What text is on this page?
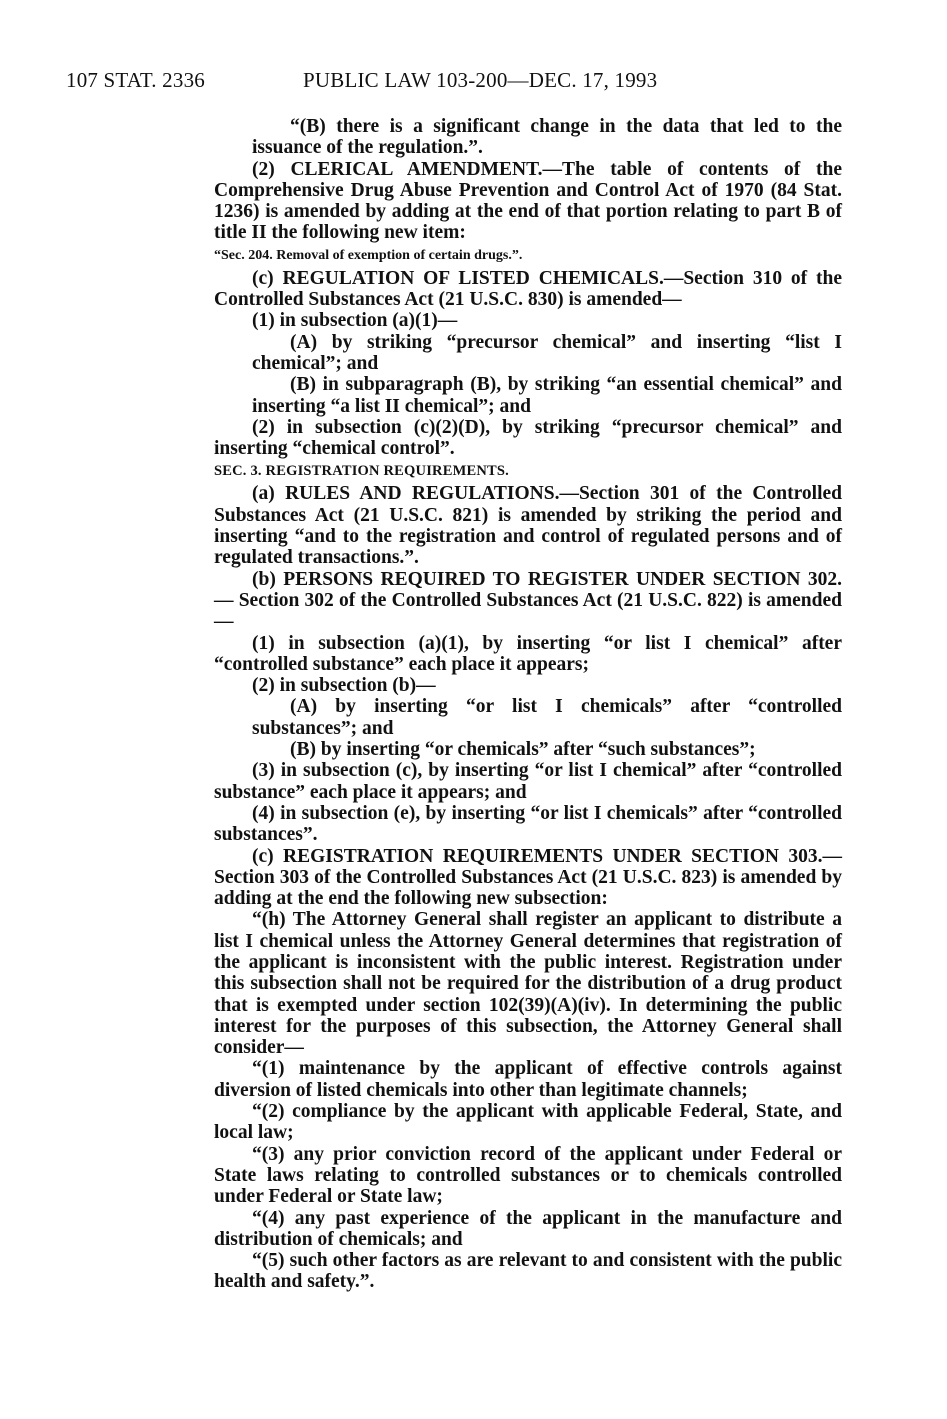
107 STAT. 2336	PUBLIC LAW 103-200—DEC. 17, 1993

“(B) there is a significant change in the data that led to the issuance of the regulation.”.

(2) CLERICAL AMENDMENT.—The table of contents of the Comprehensive Drug Abuse Prevention and Control Act of 1970 (84 Stat. 1236) is amended by adding at the end of that portion relating to part B of title II the following new item:

“Sec. 204. Removal of exemption of certain drugs.”.

(c) REGULATION OF LISTED CHEMICALS.—Section 310 of the Controlled Substances Act (21 U.S.C. 830) is amended—

(1) in subsection (a)(1)—

(A) by striking “precursor chemical” and inserting “list I chemical”; and

(B) in subparagraph (B), by striking “an essential chemical” and inserting “a list II chemical”; and

(2) in subsection (c)(2)(D), by striking “precursor chemical” and inserting “chemical control”.

SEC. 3. REGISTRATION REQUIREMENTS.

(a) RULES AND REGULATIONS.—Section 301 of the Controlled Substances Act (21 U.S.C. 821) is amended by striking the period and inserting “and to the registration and control of regulated persons and of regulated transactions.”.

(b) PERSONS REQUIRED TO REGISTER UNDER SECTION 302.— Section 302 of the Controlled Substances Act (21 U.S.C. 822) is amended—

(1) in subsection (a)(1), by inserting “or list I chemical” after “controlled substance” each place it appears;

(2) in subsection (b)—

(A) by inserting “or list I chemicals” after “controlled substances”; and

(B) by inserting “or chemicals” after “such substances”;

(3) in subsection (c), by inserting “or list I chemical” after “controlled substance” each place it appears; and

(4) in subsection (e), by inserting “or list I chemicals” after “controlled substances”.

(c) REGISTRATION REQUIREMENTS UNDER SECTION 303.—Section 303 of the Controlled Substances Act (21 U.S.C. 823) is amended by adding at the end the following new subsection:

“(h) The Attorney General shall register an applicant to distribute a list I chemical unless the Attorney General determines that registration of the applicant is inconsistent with the public interest. Registration under this subsection shall not be required for the distribution of a drug product that is exempted under section 102(39)(A)(iv). In determining the public interest for the purposes of this subsection, the Attorney General shall consider—

“(1) maintenance by the applicant of effective controls against diversion of listed chemicals into other than legitimate channels;

“(2) compliance by the applicant with applicable Federal, State, and local law;

“(3) any prior conviction record of the applicant under Federal or State laws relating to controlled substances or to chemicals controlled under Federal or State law;

“(4) any past experience of the applicant in the manufacture and distribution of chemicals; and

“(5) such other factors as are relevant to and consistent with the public health and safety.”.
